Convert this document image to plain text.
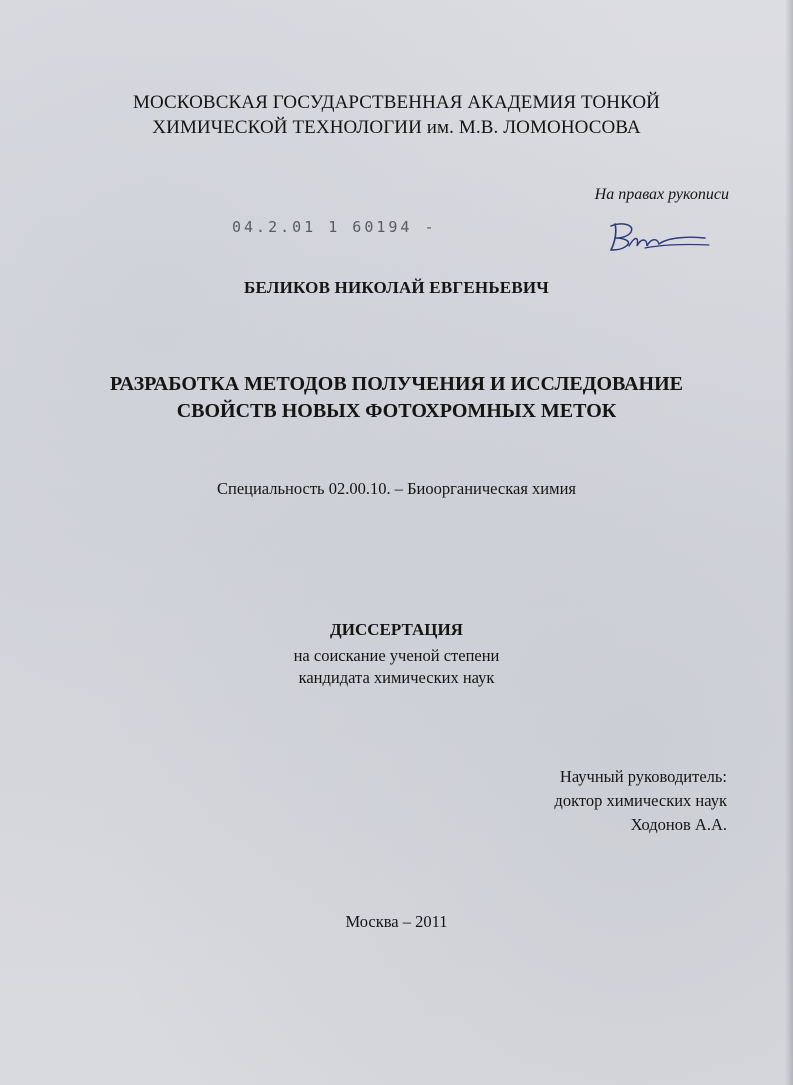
МОСКОВСКАЯ ГОСУДАРСТВЕННАЯ АКАДЕМИЯ ТОНКОЙ
ХИМИЧЕСКОЙ ТЕХНОЛОГИИ им. М.В. ЛОМОНОСОВА
На правах рукописи
04.2.01 1 60194 -
БЕЛИКОВ НИКОЛАЙ ЕВГЕНЬЕВИЧ
РАЗРАБОТКА МЕТОДОВ ПОЛУЧЕНИЯ И ИССЛЕДОВАНИЕ
СВОЙСТВ НОВЫХ ФОТОХРОМНЫХ МЕТОК
Специальность 02.00.10. – Биоорганическая химия
ДИССЕРТАЦИЯ
на соискание ученой степени
кандидата химических наук
Научный руководитель:
доктор химических наук
Ходонов А.А.
Москва – 2011
